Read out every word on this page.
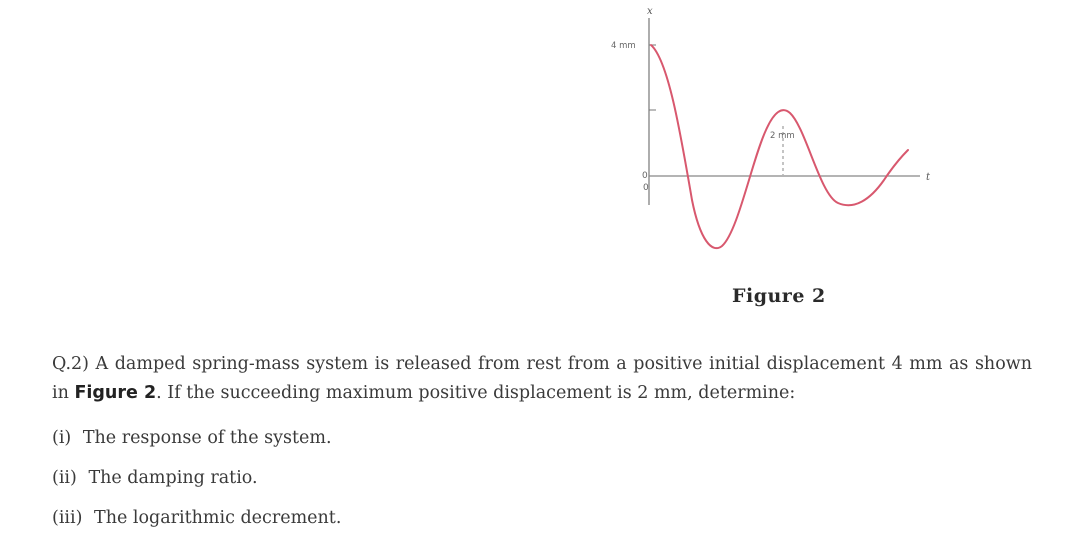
x
t
4 mm
0
0
2 mm
Figure 2
Q.2) A damped spring-mass system is released from rest from a positive initial displacement 4 mm as shown in Figure 2. If the succeeding maximum positive displacement is 2 mm, determine:
(i) The response of the system.
(ii) The damping ratio.
(iii) The logarithmic decrement.
